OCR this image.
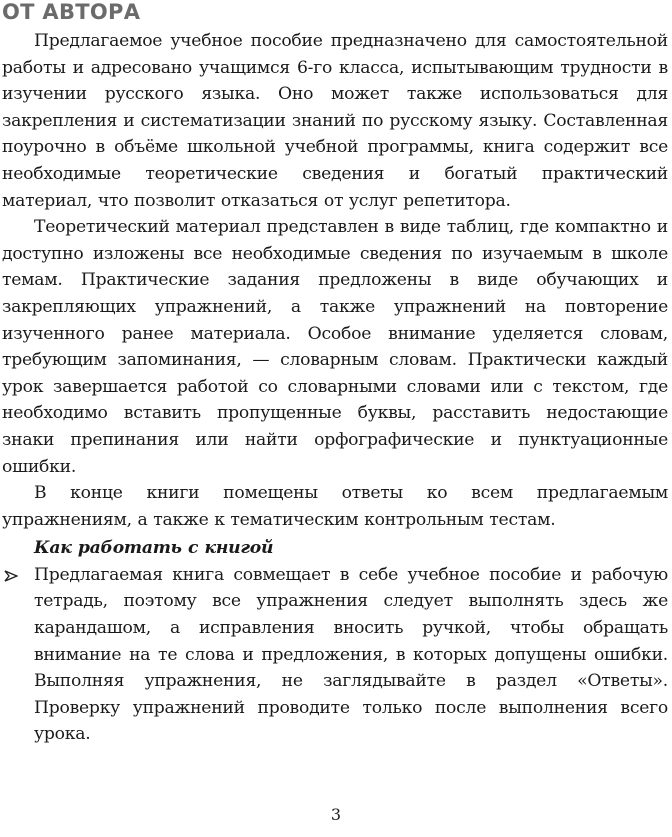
ОТ АВТОРА

Предлагаемое учебное пособие предназначено для самостоятельной работы и адресовано учащимся 6-го класса, испытывающим трудности в изучении русского языка. Оно может также использоваться для закрепления и систематизации знаний по русскому языку. Составленная поурочно в объёме школьной учебной программы, книга содержит все необходимые теоретические сведения и богатый практический материал, что позволит отказаться от услуг репетитора.

Теоретический материал представлен в виде таблиц, где компактно и доступно изложены все необходимые сведения по изучаемым в школе темам. Практические задания предложены в виде обучающих и закрепляющих упражнений, а также упражнений на повторение изученного ранее материала. Особое внимание уделяется словам, требующим запоминания, — словарным словам. Практически каждый урок завершается работой со словарными словами или с текстом, где необходимо вставить пропущенные буквы, расставить недостающие знаки препинания или найти орфографические и пунктуационные ошибки.

В конце книги помещены ответы ко всем предлагаемым упражнениям, а также к тематическим контрольным тестам.

Как работать с книгой

Предлагаемая книга совмещает в себе учебное пособие и рабочую тетрадь, поэтому все упражнения следует выполнять здесь же карандашом, а исправления вносить ручкой, чтобы обращать внимание на те слова и предложения, в которых допущены ошибки. Выполняя упражнения, не заглядывайте в раздел «Ответы». Проверку упражнений проводите только после выполнения всего урока.
3
